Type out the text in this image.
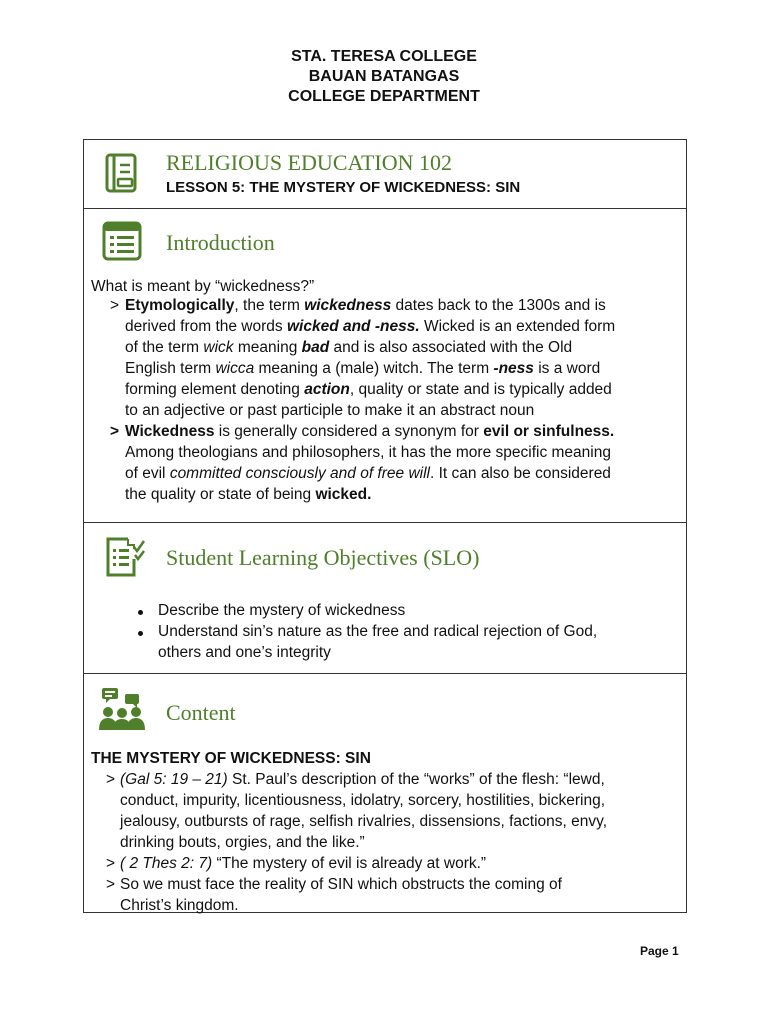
STA. TERESA COLLEGE
BAUAN BATANGAS
COLLEGE DEPARTMENT
RELIGIOUS EDUCATION 102
LESSON 5: THE MYSTERY OF WICKEDNESS: SIN
Introduction
What is meant by “wickedness?”
> Etymologically, the term wickedness dates back to the 1300s and is
derived from the words wicked and -ness. Wicked is an extended form
of the term wick meaning bad and is also associated with the Old
English term wicca meaning a (male) witch. The term -ness is a word
forming element denoting action, quality or state and is typically added
to an adjective or past participle to make it an abstract noun
> Wickedness is generally considered a synonym for evil or sinfulness.
Among theologians and philosophers, it has the more specific meaning
of evil committed consciously and of free will. It can also be considered
the quality or state of being wicked.
Student Learning Objectives (SLO)
Describe the mystery of wickedness
Understand sin’s nature as the free and radical rejection of God,
others and one’s integrity
Content
THE MYSTERY OF WICKEDNESS: SIN
> (Gal 5: 19 – 21) St. Paul’s description of the “works” of the flesh: “lewd,
conduct, impurity, licentiousness, idolatry, sorcery, hostilities, bickering,
jealousy, outbursts of rage, selfish rivalries, dissensions, factions, envy,
drinking bouts, orgies, and the like.”
> ( 2 Thes 2: 7) “The mystery of evil is already at work.”
> So we must face the reality of SIN which obstructs the coming of
Christ’s kingdom.
Page 1
